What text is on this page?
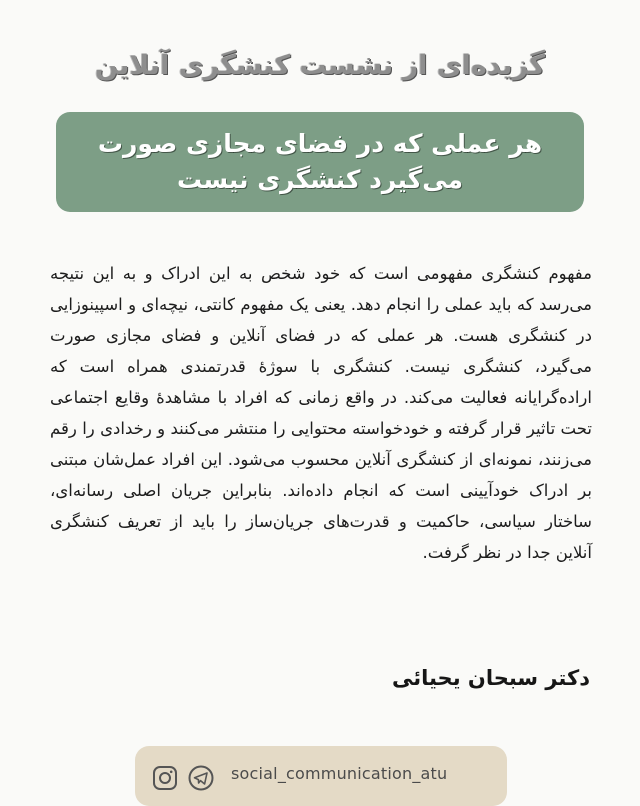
گزیده‌ای از نشست کنشگری آنلاین
هر عملی که در فضای مجازی صورت
می‌گیرد کنشگری نیست

مفهوم کنشگری مفهومی است که خود شخص به این ادراک و به این نتیجه می‌رسد که باید عملی را انجام دهد. یعنی یک مفهوم کانتی، نیچه‌ای و اسپینوزایی در کنشگری هست. هر عملی که در فضای آنلاین و فضای مجازی صورت می‌گیرد، کنشگری نیست. کنشگری با سوژهٔ قدرتمندی همراه است که اراده‌گرایانه فعالیت می‌کند. در واقع زمانی که افراد با مشاهدهٔ وقایع اجتماعی تحت تاثیر قرار گرفته و خودخواسته محتوایی را منتشر می‌کنند و رخدادی را رقم می‌زنند، نمونه‌ای از کنشگری آنلاین محسوب می‌شود. این افراد عمل‌شان مبتنی بر ادراک خودآیینی است که انجام داده‌اند. بنابراین جریان اصلی رسانه‌ای، ساختار سیاسی، حاکمیت و قدرت‌های جریان‌ساز را باید از تعریف کنشگری آنلاین جدا در نظر گرفت.

دکتر سبحان یحیائی
social_communication_atu
